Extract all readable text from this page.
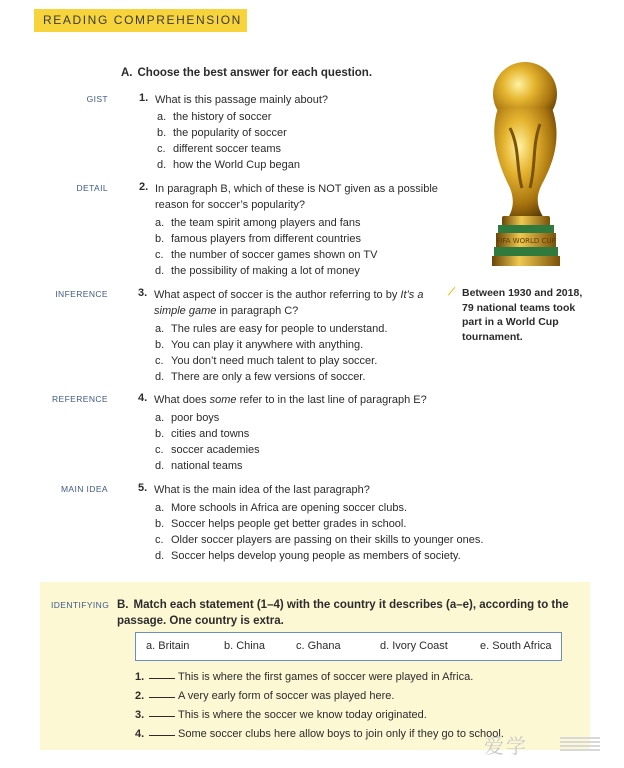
READING COMPREHENSION
A. Choose the best answer for each question.
GIST	1. What is this passage mainly about?
a. the history of soccer
b. the popularity of soccer
c. different soccer teams
d. how the World Cup began
DETAIL	2. In paragraph B, which of these is NOT given as a possible reason for soccer’s popularity?
a. the team spirit among players and fans
b. famous players from different countries
c. the number of soccer games shown on TV
d. the possibility of making a lot of money
INFERENCE	3. What aspect of soccer is the author referring to by It’s a simple game in paragraph C?
a. The rules are easy for people to understand.
b. You can play it anywhere with anything.
c. You don’t need much talent to play soccer.
d. There are only a few versions of soccer.
REFERENCE	4. What does some refer to in the last line of paragraph E?
a. poor boys
b. cities and towns
c. soccer academies
d. national teams
MAIN IDEA	5. What is the main idea of the last paragraph?
a. More schools in Africa are opening soccer clubs.
b. Soccer helps people get better grades in school.
c. Older soccer players are passing on their skills to younger ones.
d. Soccer helps develop young people as members of society.
FIFA WORLD CUP
⟋ Between 1930 and 2018, 79 national teams took part in a World Cup tournament.
IDENTIFYING B. Match each statement (1–4) with the country it describes (a–e), according to the passage. One country is extra.
a. Britain	b. China	c. Ghana	d. Ivory Coast	e. South Africa
1.	This is where the first games of soccer were played in Africa.
2.	A very early form of soccer was played here.
3.	This is where the soccer we know today originated.
4.	Some soccer clubs here allow boys to join only if they go to school.
爱学
